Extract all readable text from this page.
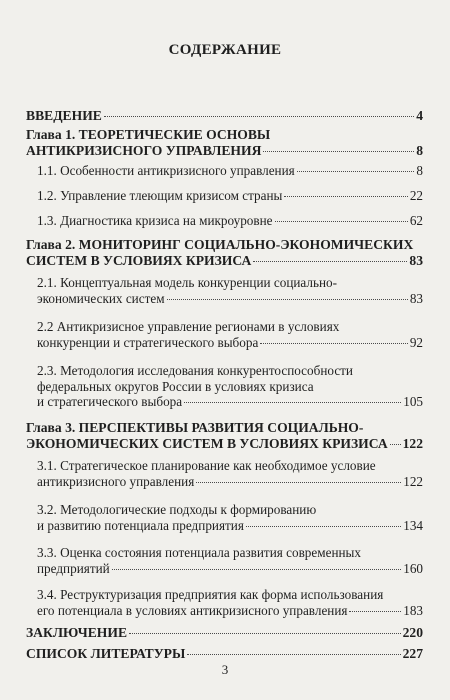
СОДЕРЖАНИЕ
ВВЕДЕНИЕ	4
Глава 1. ТЕОРЕТИЧЕСКИЕ ОСНОВЫ
АНТИКРИЗИСНОГО УПРАВЛЕНИЯ	8
1.1. Особенности антикризисного управления	8
1.2. Управление тлеющим кризисом страны	22
1.3. Диагностика кризиса на микроуровне	62
Глава 2. МОНИТОРИНГ СОЦИАЛЬНО-ЭКОНОМИЧЕСКИХ
СИСТЕМ В УСЛОВИЯХ КРИЗИСА	83
2.1. Концептуальная модель конкуренции социально-
экономических систем	83
2.2 Антикризисное управление регионами в условиях
конкуренции и стратегического выбора	92
2.3. Методология исследования конкурентоспособности
федеральных округов России в условиях кризиса
и стратегического выбора	105
Глава 3. ПЕРСПЕКТИВЫ РАЗВИТИЯ СОЦИАЛЬНО-
ЭКОНОМИЧЕСКИХ СИСТЕМ В УСЛОВИЯХ КРИЗИСА 122
3.1. Стратегическое планирование как необходимое условие
антикризисного управления	122
3.2. Методологические подходы к формированию
и развитию потенциала предприятия	134
3.3. Оценка состояния потенциала развития современных
предприятий	160
3.4. Реструктуризация предприятия как форма использования
его потенциала в условиях антикризисного управления	183
ЗАКЛЮЧЕНИЕ	220
СПИСОК ЛИТЕРАТУРЫ	227
3
